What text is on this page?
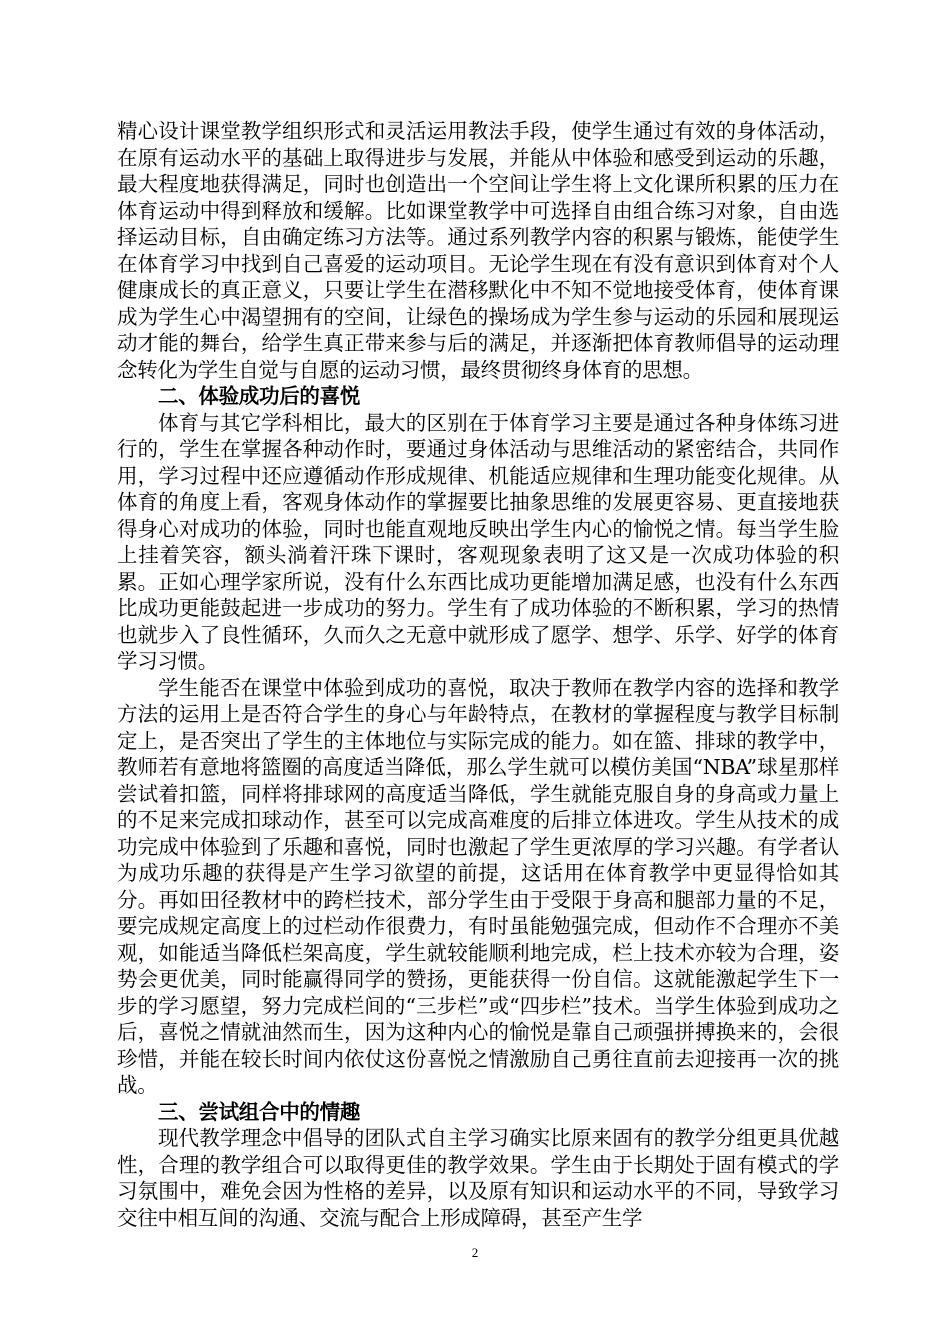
精心设计课堂教学组织形式和灵活运用教法手段，使学生通过有效的身体活动，在原有运动水平的基础上取得进步与发展，并能从中体验和感受到运动的乐趣，最大程度地获得满足，同时也创造出一个空间让学生将上文化课所积累的压力在体育运动中得到释放和缓解。比如课堂教学中可选择自由组合练习对象，自由选择运动目标，自由确定练习方法等。通过系列教学内容的积累与锻炼，能使学生在体育学习中找到自己喜爱的运动项目。无论学生现在有没有意识到体育对个人健康成长的真正意义，只要让学生在潜移默化中不知不觉地接受体育，使体育课成为学生心中渴望拥有的空间，让绿色的操场成为学生参与运动的乐园和展现运动才能的舞台，给学生真正带来参与后的满足，并逐渐把体育教师倡导的运动理念转化为学生自觉与自愿的运动习惯，最终贯彻终身体育的思想。

二、体验成功后的喜悦

体育与其它学科相比，最大的区别在于体育学习主要是通过各种身体练习进行的，学生在掌握各种动作时，要通过身体活动与思维活动的紧密结合，共同作用，学习过程中还应遵循动作形成规律、机能适应规律和生理功能变化规律。从体育的角度上看，客观身体动作的掌握要比抽象思维的发展更容易、更直接地获得身心对成功的体验，同时也能直观地反映出学生内心的愉悦之情。每当学生脸上挂着笑容，额头淌着汗珠下课时，客观现象表明了这又是一次成功体验的积累。正如心理学家所说，没有什么东西比成功更能增加满足感，也没有什么东西比成功更能鼓起进一步成功的努力。学生有了成功体验的不断积累，学习的热情也就步入了良性循环，久而久之无意中就形成了愿学、想学、乐学、好学的体育学习习惯。

学生能否在课堂中体验到成功的喜悦，取决于教师在教学内容的选择和教学方法的运用上是否符合学生的身心与年龄特点，在教材的掌握程度与教学目标制定上，是否突出了学生的主体地位与实际完成的能力。如在篮、排球的教学中，教师若有意地将篮圈的高度适当降低，那么学生就可以模仿美国“NBA”球星那样尝试着扣篮，同样将排球网的高度适当降低，学生就能克服自身的身高或力量上的不足来完成扣球动作，甚至可以完成高难度的后排立体进攻。学生从技术的成功完成中体验到了乐趣和喜悦，同时也激起了学生更浓厚的学习兴趣。有学者认为成功乐趣的获得是产生学习欲望的前提，这话用在体育教学中更显得恰如其分。再如田径教材中的跨栏技术，部分学生由于受限于身高和腿部力量的不足，要完成规定高度上的过栏动作很费力，有时虽能勉强完成，但动作不合理亦不美观，如能适当降低栏架高度，学生就较能顺利地完成，栏上技术亦较为合理，姿势会更优美，同时能赢得同学的赞扬，更能获得一份自信。这就能激起学生下一步的学习愿望，努力完成栏间的“三步栏”或“四步栏”技术。当学生体验到成功之后，喜悦之情就油然而生，因为这种内心的愉悦是靠自己顽强拼搏换来的，会很珍惜，并能在较长时间内依仗这份喜悦之情激励自己勇往直前去迎接再一次的挑战。

三、尝试组合中的情趣

现代教学理念中倡导的团队式自主学习确实比原来固有的教学分组更具优越性，合理的教学组合可以取得更佳的教学效果。学生由于长期处于固有模式的学习氛围中，难免会因为性格的差异，以及原有知识和运动水平的不同，导致学习交往中相互间的沟通、交流与配合上形成障碍，甚至产生学

2
